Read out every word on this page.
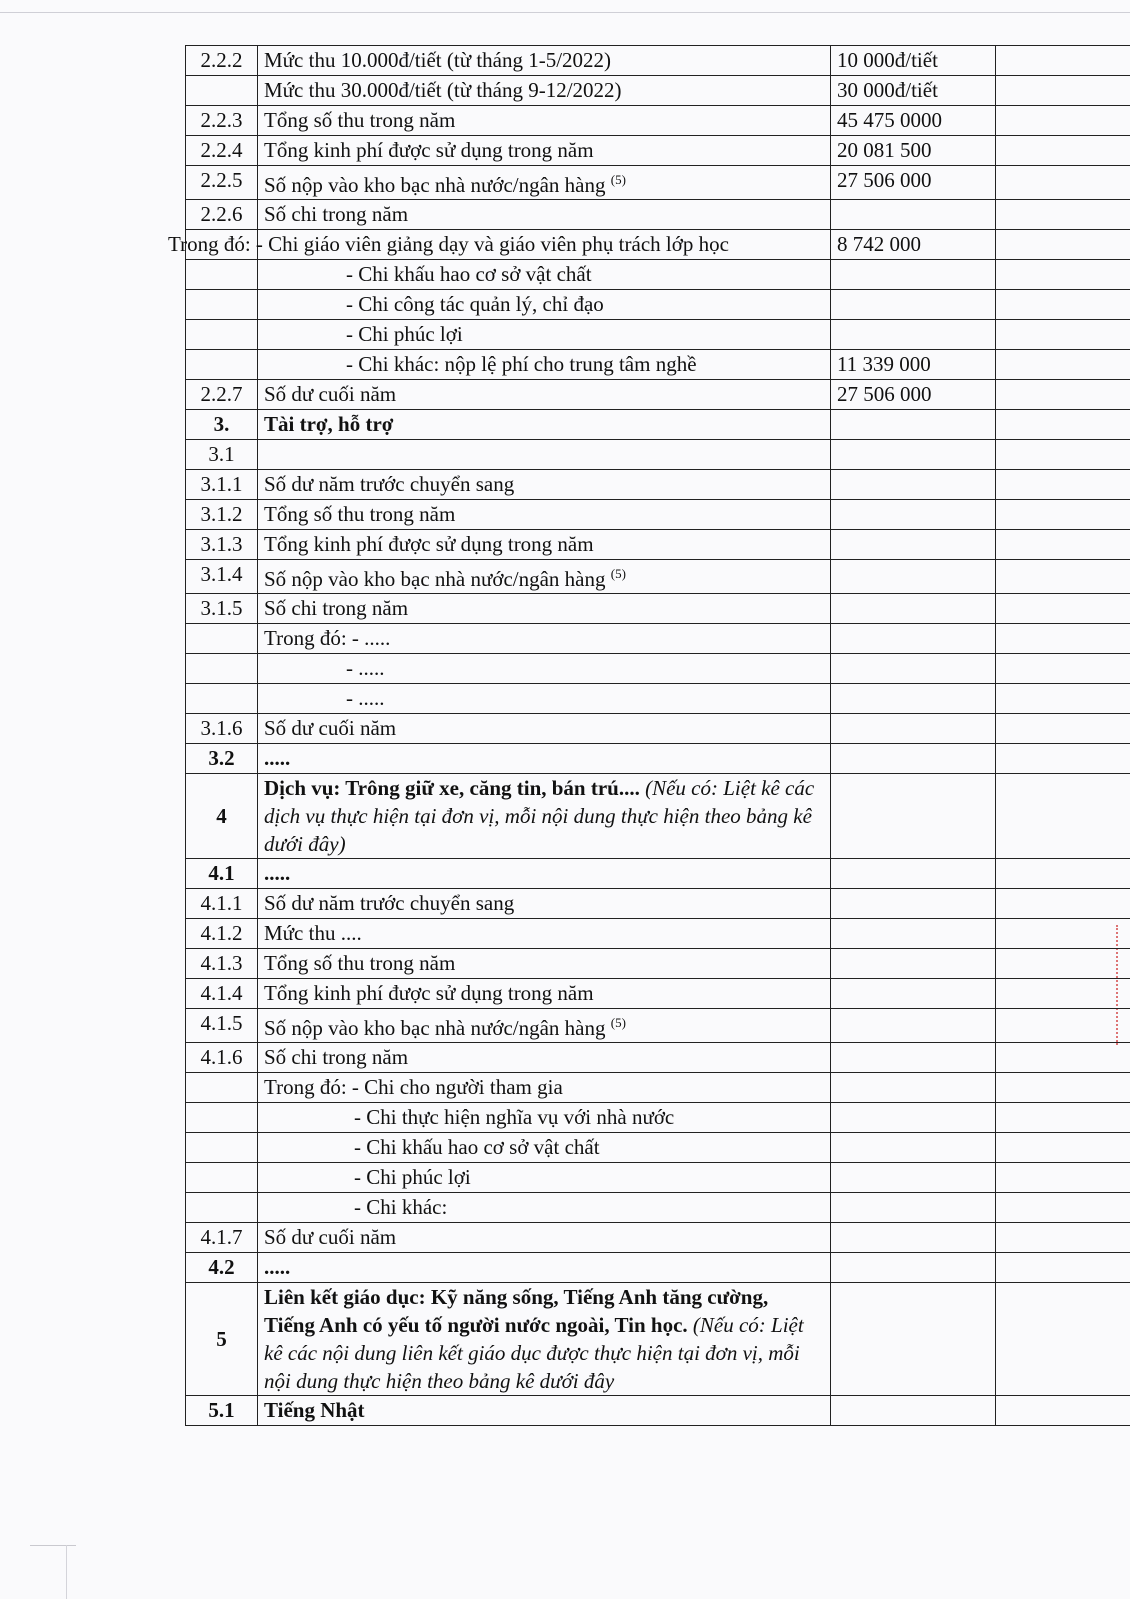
2.2.2	Mức thu 10.000đ/tiết (từ tháng 1-5/2022)	10 000đ/tiết	
	Mức thu 30.000đ/tiết (từ tháng 9-12/2022)	30 000đ/tiết	
2.2.3	Tổng số thu trong năm	45 475 0000	
2.2.4	Tổng kinh phí được sử dụng trong năm	20 081 500	
2.2.5	Số nộp vào kho bạc nhà nước/ngân hàng $^{(5)}$	27 506 000	
2.2.6	Số chi trong năm		
	Trong đó: - Chi giáo viên giảng dạy và giáo viên phụ trách lớp học	8 742 000	
	- Chi khấu hao cơ sở vật chất		
	- Chi công tác quản lý, chỉ đạo		
	- Chi phúc lợi		
	- Chi khác: nộp lệ phí cho trung tâm nghề	11 339 000	
2.2.7	Số dư cuối năm	27 506 000	
3.	Tài trợ, hỗ trợ		
3.1			
3.1.1	Số dư năm trước chuyển sang		
3.1.2	Tổng số thu trong năm		
3.1.3	Tổng kinh phí được sử dụng trong năm		
3.1.4	Số nộp vào kho bạc nhà nước/ngân hàng $^{(5)}$		
3.1.5	Số chi trong năm		
	Trong đó: - .....		
	- .....		
	- .....		
3.1.6	Số dư cuối năm		
3.2	.....		
4	Dịch vụ: Trông giữ xe, căng tin, bán trú.... (Nếu có: Liệt kê các dịch vụ thực hiện tại đơn vị, mỗi nội dung thực hiện theo bảng kê dưới đây)		
4.1	.....		
4.1.1	Số dư năm trước chuyển sang		
4.1.2	Mức thu ....		
4.1.3	Tổng số thu trong năm		
4.1.4	Tổng kinh phí được sử dụng trong năm		
4.1.5	Số nộp vào kho bạc nhà nước/ngân hàng $^{(5)}$		
4.1.6	Số chi trong năm		
	Trong đó: - Chi cho người tham gia		
	- Chi thực hiện nghĩa vụ với nhà nước		
	- Chi khấu hao cơ sở vật chất		
	- Chi phúc lợi		
	- Chi khác:		
4.1.7	Số dư cuối năm		
4.2	.....		
5	Liên kết giáo dục: Kỹ năng sống, Tiếng Anh tăng cường, Tiếng Anh có yếu tố người nước ngoài, Tin học. (Nếu có: Liệt kê các nội dung liên kết giáo dục được thực hiện tại đơn vị, mỗi nội dung thực hiện theo bảng kê dưới đây		
5.1	Tiếng Nhật		
